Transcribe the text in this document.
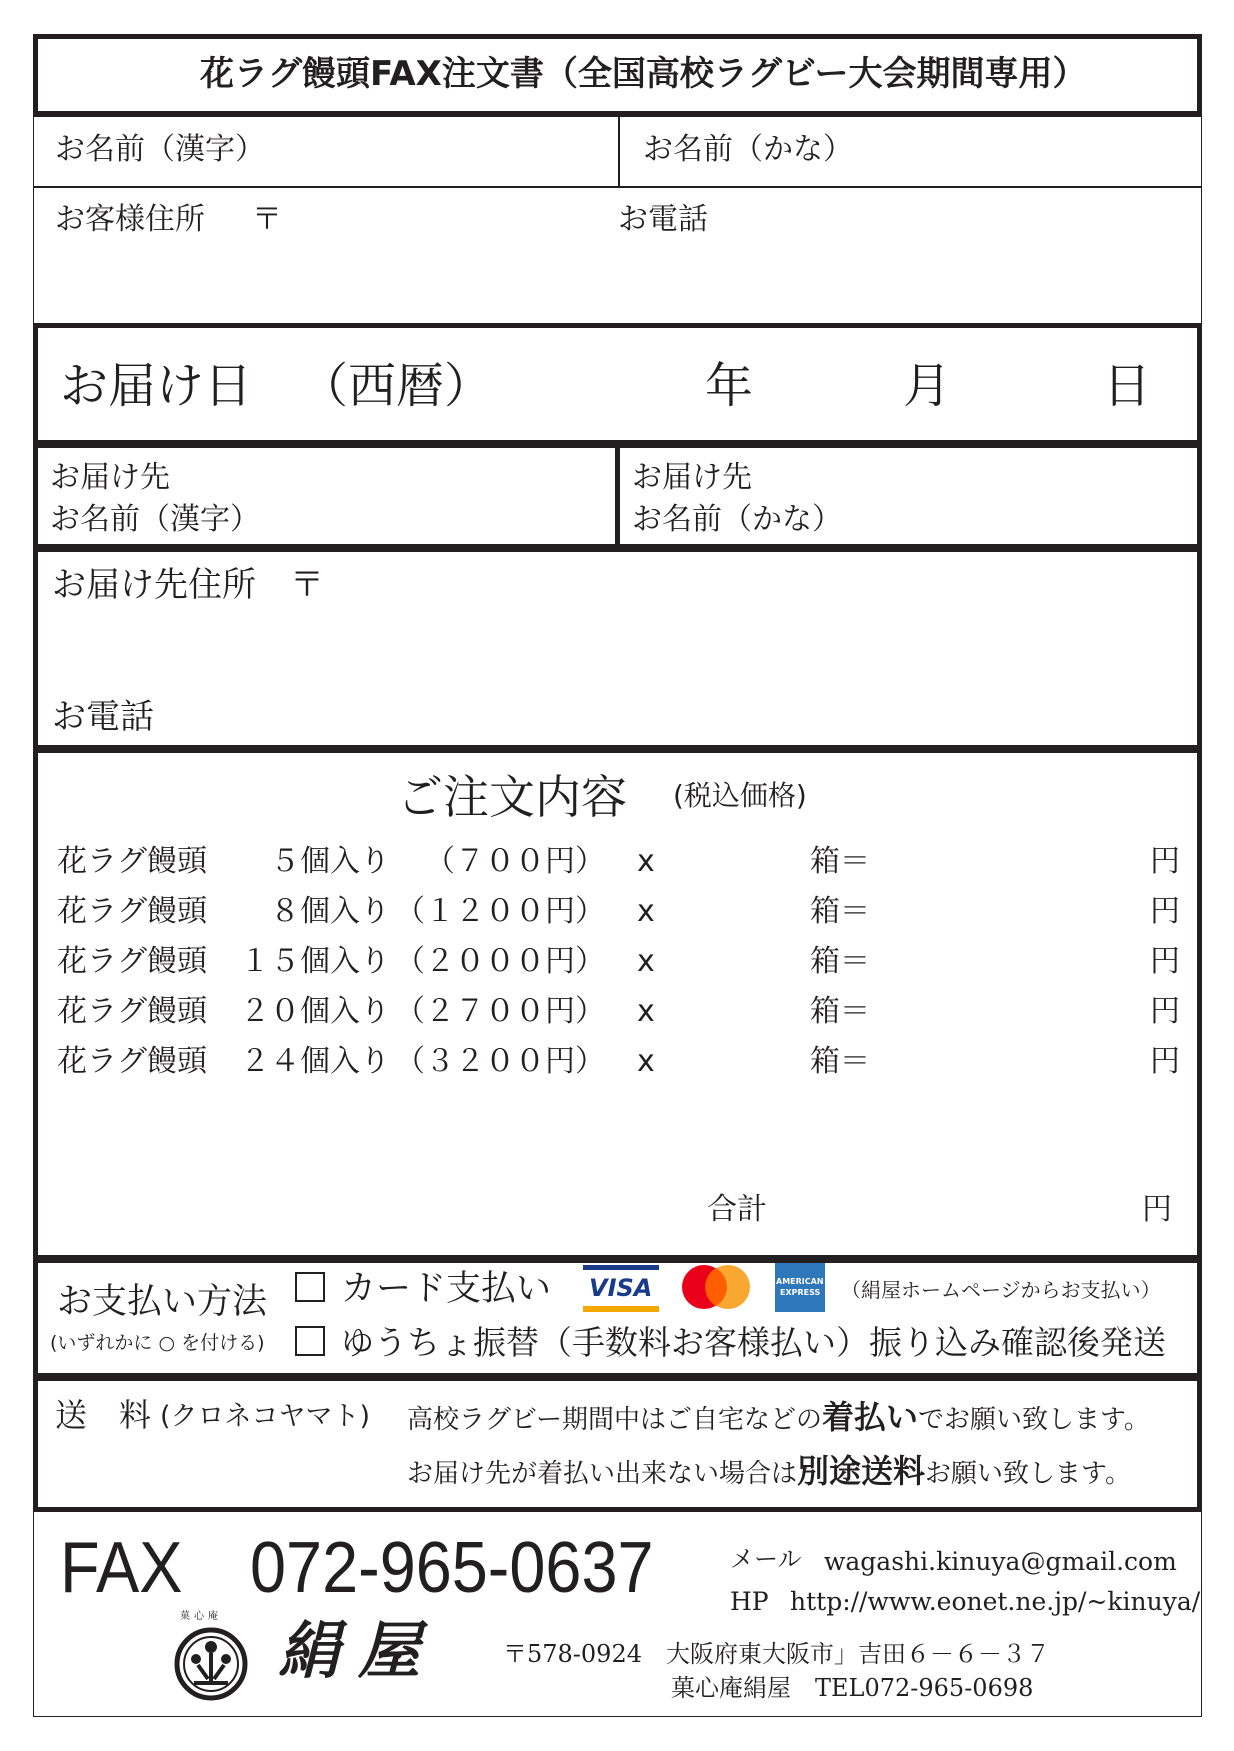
花ラグ饅頭FAX注文書（全国高校ラグビー大会期間専用）
お名前（漢字）	お名前（かな）
お客様住所 〒	お電話
お届け日 （西暦）	年	月	日
お届け先
お名前（漢字）
お届け先
お名前（かな）
お届け先住所 〒
お電話
ご注文内容 (税込価格)
花ラグ饅頭 ５個入り （７００円） x	箱＝	円
花ラグ饅頭 ８個入り （１２００円） x	箱＝	円
花ラグ饅頭 １５個入り （２０００円） x	箱＝	円
花ラグ饅頭 ２０個入り （２７００円） x	箱＝	円
花ラグ饅頭 ２４個入り （３２００円） x	箱＝	円
合計	円
お支払い方法
(いずれかに ○ を付ける)
カード支払い VISA	AMERICAN
EXPRESS （絹屋ホームページからお支払い）
ゆうちょ振替（手数料お客様払い）振り込み確認後発送
送　料 (クロネコヤマト) 高校ラグビー期間中はご自宅などの着払いでお願い致します。
お届け先が着払い出来ない場合は別途送料お願い致します。
FAX 072-965-0637	メール wagashi.kinuya@gmail.com
HP http://www.eonet.ne.jp/~kinuya/
菓心庵 絹屋	〒578-0924　大阪府東大阪市」吉田６－６－３７
菓心庵絹屋　TEL072-965-0698
